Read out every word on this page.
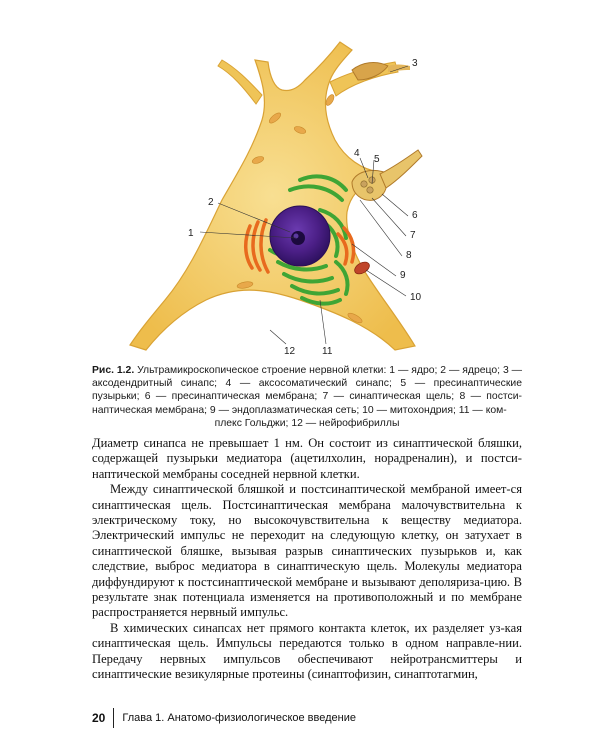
1
2
3
4
5
6
7
8
9
10
11
12
Рис. 1.2. Ультрамикроскопическое строение нервной клетки: 1 — ядро; 2 — ядрецо; 3 — аксодендритный синапс; 4 — аксосоматический синапс; 5 — пресинаптические пузырьки; 6 — пресинаптическая мембрана; 7 — синаптическая щель; 8 — постси- наптическая мембрана; 9 — эндоплазматическая сеть; 10 — митохондрия; 11 — ком-
плекс Гольджи; 12 — нейрофибриллы

Диаметр синапса не превышает 1 нм. Он состоит из синаптической бляшки, содержащей пузырьки медиатора (ацетилхолин, норадреналин), и постси-наптической мембраны соседней нервной клетки.

Между синаптической бляшкой и постсинаптической мембраной имеет-ся синаптическая щель. Постсинаптическая мембрана малочувствительна к электрическому току, но высокочувствительна к веществу медиатора. Электрический импульс не переходит на следующую клетку, он затухает в синаптической бляшке, вызывая разрыв синаптических пузырьков и, как следствие, выброс медиатора в синаптическую щель. Молекулы медиатора диффундируют к постсинаптической мембране и вызывают деполяриза-цию. В результате знак потенциала изменяется на противоположный и по мембране распространяется нервный импульс.

В химических синапсах нет прямого контакта клеток, их разделяет уз-кая синаптическая щель. Импульсы передаются только в одном направле-нии. Передачу нервных импульсов обеспечивают нейротрансмиттеры и синаптические везикулярные протеины (синаптофизин, синаптотагмин,

20 Глава 1. Анатомо-физиологическое введение
